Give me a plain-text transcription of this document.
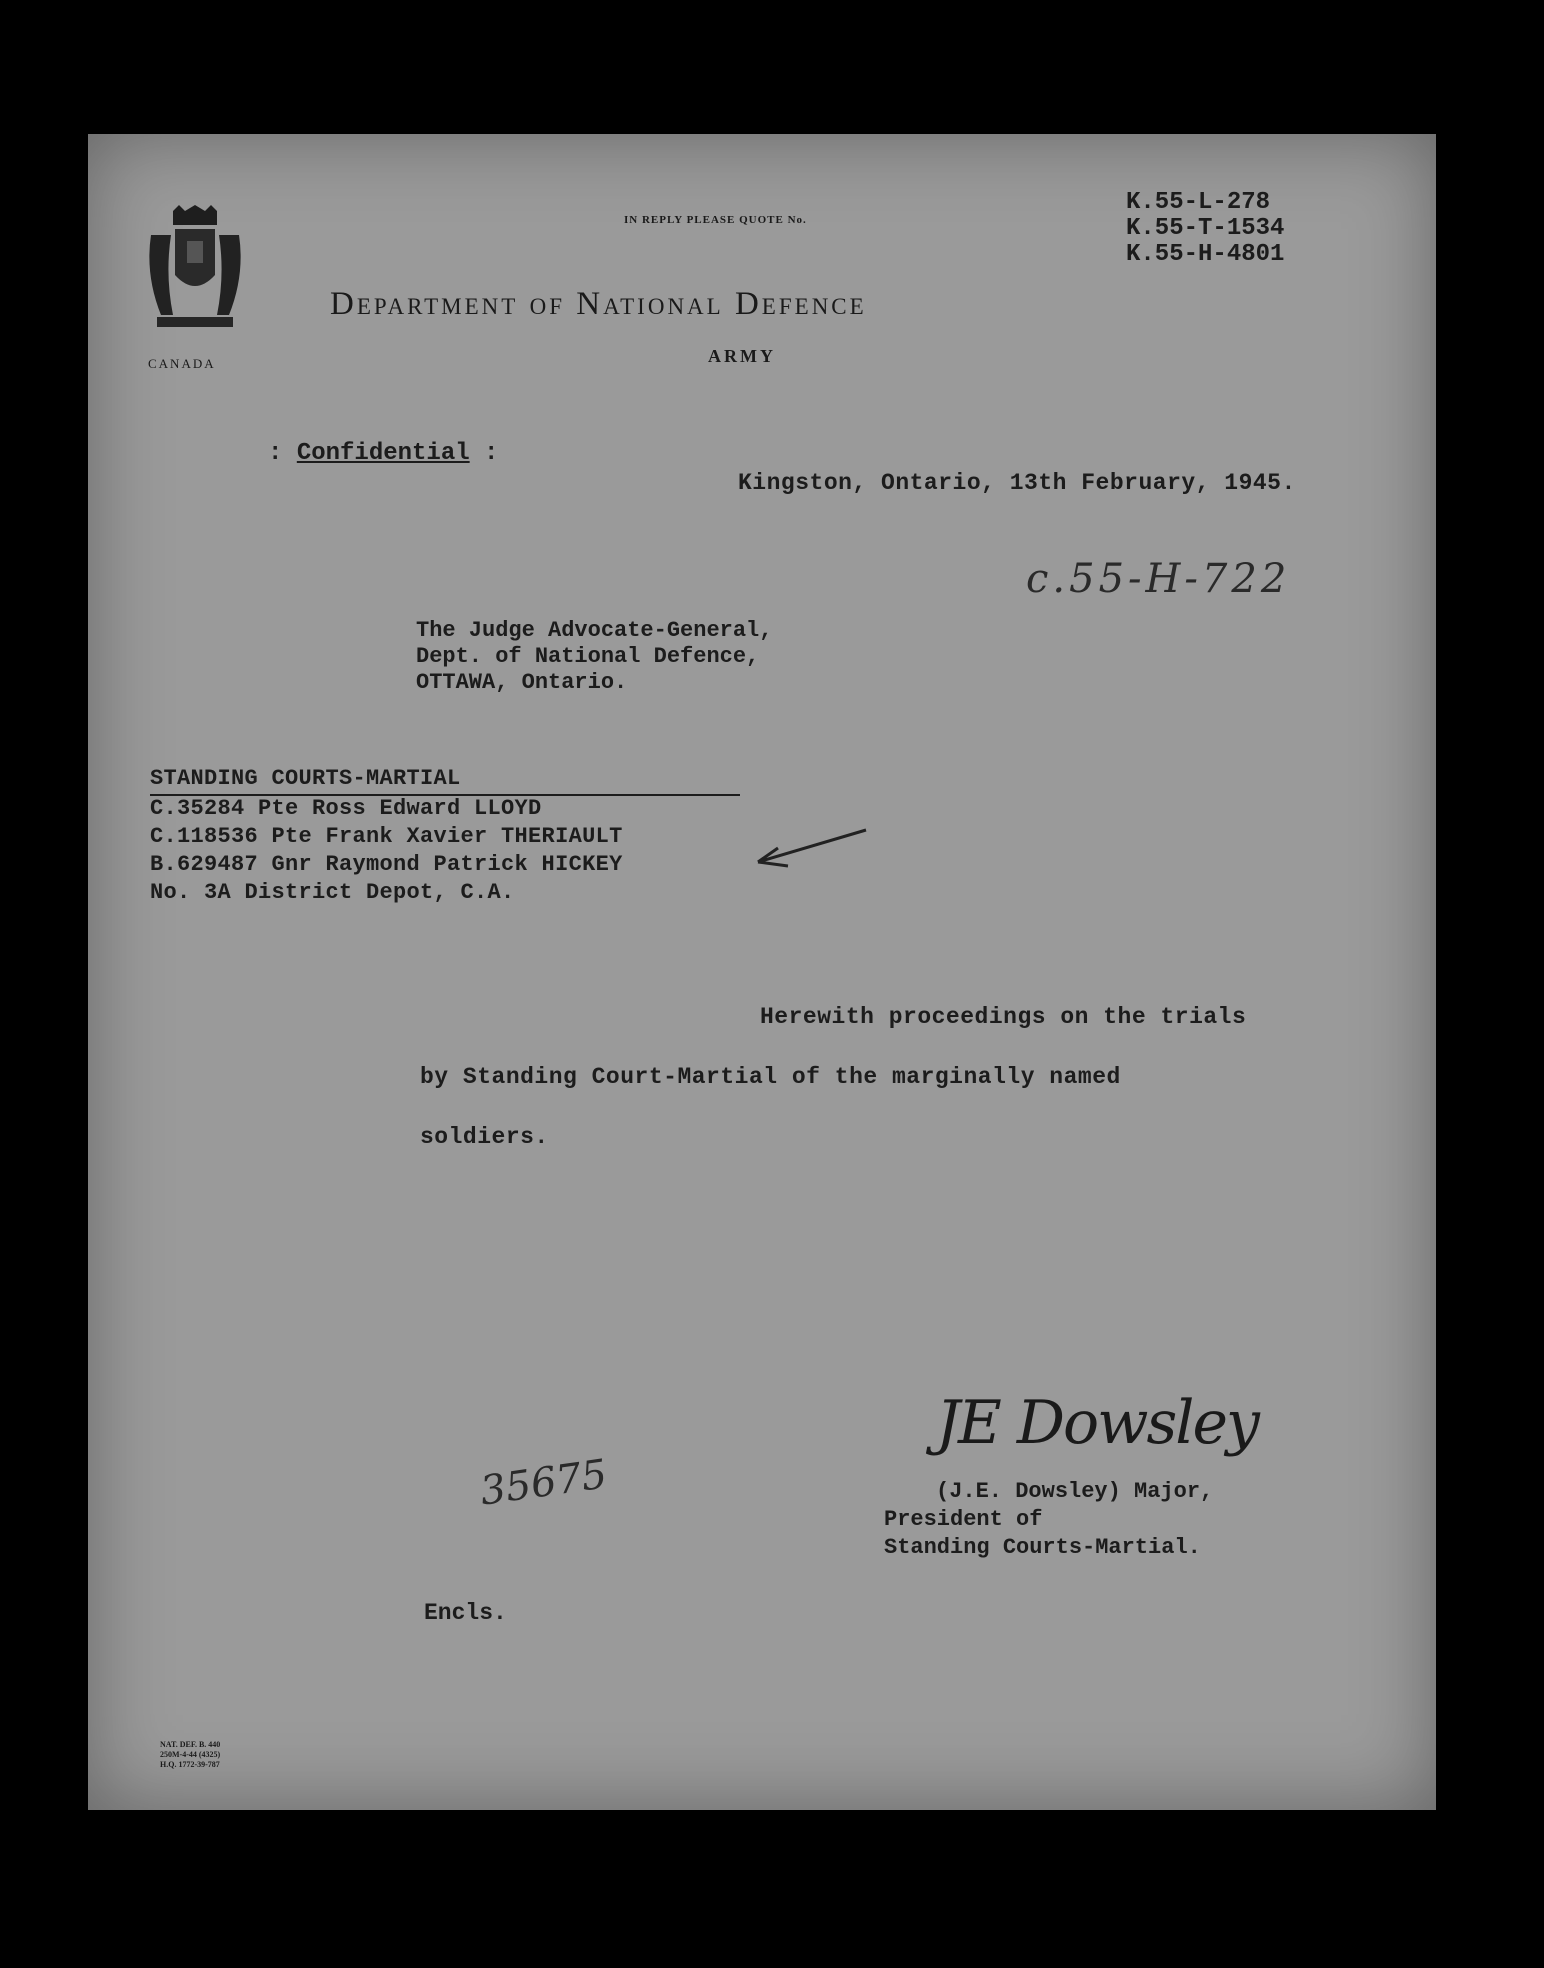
CANADA
IN REPLY PLEASE QUOTE No.
K.55-L-278
K.55-T-1534
K.55-H-4801
Department of National Defence
ARMY
: Confidential :
Kingston, Ontario, 13th February, 1945.
c.55-H-722
The Judge Advocate-General,
Dept. of National Defence,
OTTAWA, Ontario.
STANDING COURTS-MARTIAL
C.35284 Pte Ross Edward LLOYD
C.118536 Pte Frank Xavier THERIAULT
B.629487 Gnr Raymond Patrick HICKEY
No. 3A District Depot, C.A.
Herewith proceedings on the trials
by Standing Court-Martial of the marginally named
soldiers.
35675
JE Dowsley
(J.E. Dowsley) Major,
President of
Standing Courts-Martial.
Encls.
NAT. DEF. B. 440
250M-4-44 (4325)
H.Q. 1772-39-787
